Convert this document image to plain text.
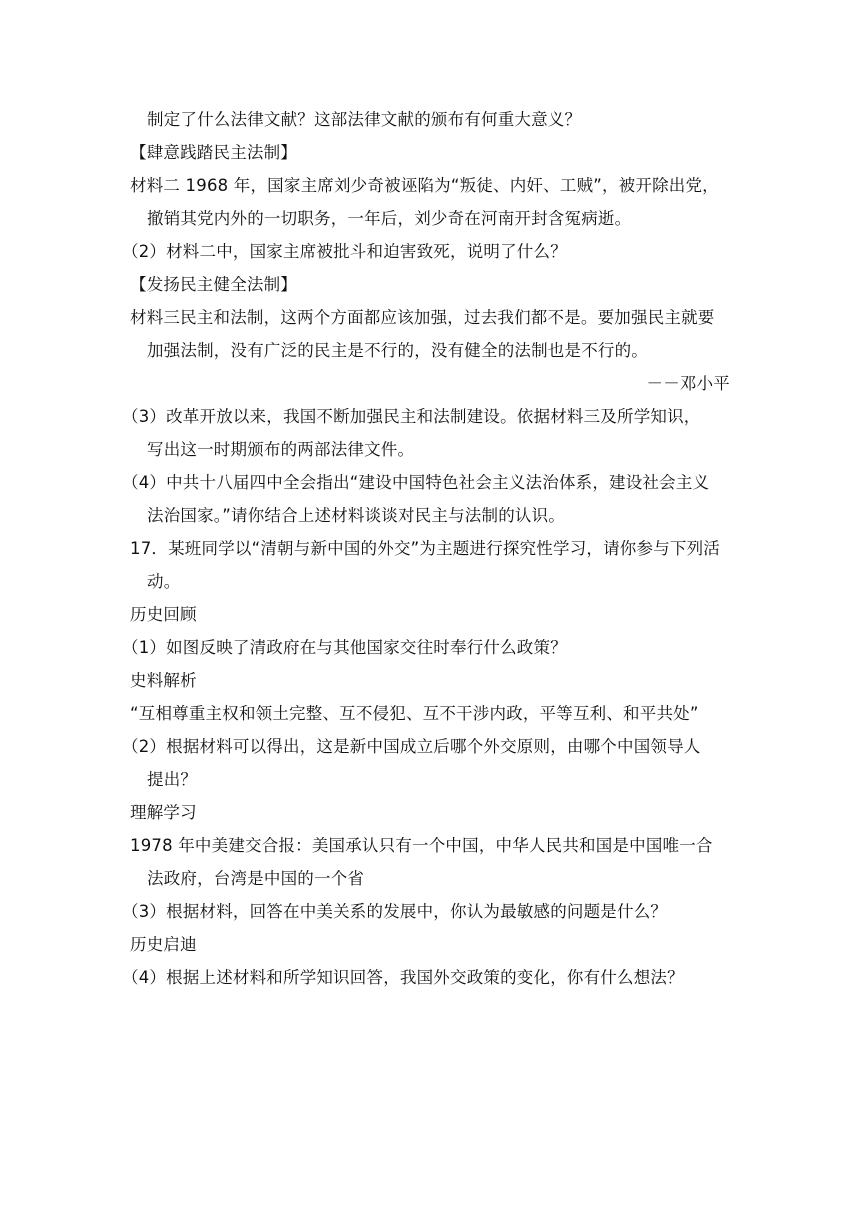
制定了什么法律文献？这部法律文献的颁布有何重大意义？
【肆意践踏民主法制】
材料二 1968 年，国家主席刘少奇被诬陷为“叛徒、内奸、工贼”，被开除出党，
撤销其党内外的一切职务，一年后，刘少奇在河南开封含冤病逝。
（2）材料二中，国家主席被批斗和迫害致死，说明了什么？
【发扬民主健全法制】
材料三民主和法制，这两个方面都应该加强，过去我们都不是。要加强民主就要
加强法制，没有广泛的民主是不行的，没有健全的法制也是不行的。
－－邓小平
（3）改革开放以来，我国不断加强民主和法制建设。依据材料三及所学知识，
写出这一时期颁布的两部法律文件。
（4）中共十八届四中全会指出“建设中国特色社会主义法治体系，建设社会主义
法治国家。”请你结合上述材料谈谈对民主与法制的认识。
17．某班同学以“清朝与新中国的外交”为主题进行探究性学习，请你参与下列活
动。
历史回顾
（1）如图反映了清政府在与其他国家交往时奉行什么政策？
史料解析
“互相尊重主权和领土完整、互不侵犯、互不干涉内政，平等互利、和平共处”
（2）根据材料可以得出，这是新中国成立后哪个外交原则，由哪个中国领导人
提出？
理解学习
1978 年中美建交合报：美国承认只有一个中国，中华人民共和国是中国唯一合
法政府，台湾是中国的一个省
（3）根据材料，回答在中美关系的发展中，你认为最敏感的问题是什么？
历史启迪
（4）根据上述材料和所学知识回答，我国外交政策的变化，你有什么想法？
